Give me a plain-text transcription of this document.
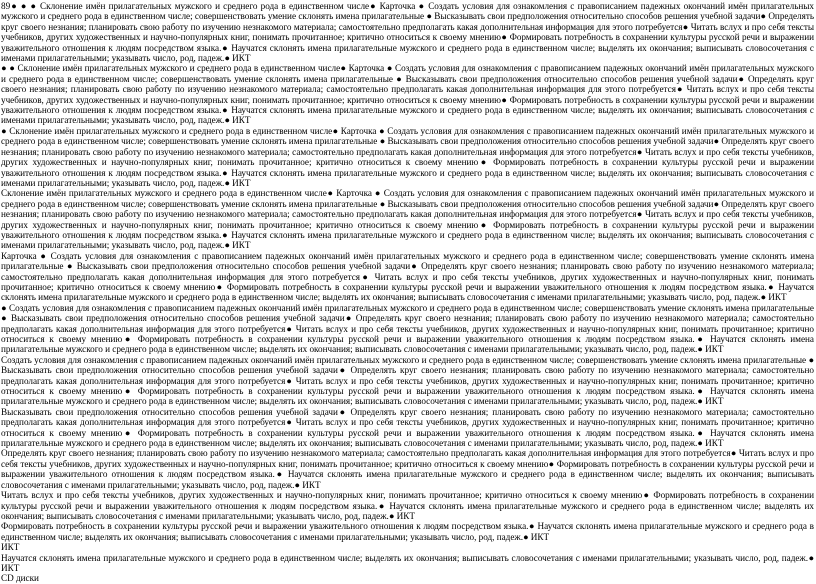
89● ● ● Склонение имён прилагательных мужского и среднего рода в единственном числе● Карточка ● Создать условия для ознакомления с правописанием падежных окончаний имён прилагательных мужского и среднего рода в единственном числе; совершенствовать умение склонять имена прилагательные ● Высказывать свои предположения относительно способов решения учебной задачи● Определять круг своего незнания; планировать свою работу по изучению незнакомого материала; самостоятельно предполагать какая дополнительная информация для этого потребуется● Читать вслух и про себя тексты учебников, других художественных и научно-популярных книг, понимать прочитанное; критично относиться к своему мнению● Формировать потребность в сохранении культуры русской речи и выражении уважительного отношения к людям посредством языка.● Научатся склонять имена прилагательные мужского и среднего рода в единственном числе; выделять их окончания; выписывать словосочетания с именами прилагательными; указывать число, род, падеж.● ИКТ

● ● Склонение имён прилагательных мужского и среднего рода в единственном числе● Карточка ● Создать условия для ознакомления с правописанием падежных окончаний имён прилагательных мужского и среднего рода в единственном числе; совершенствовать умение склонять имена прилагательные ● Высказывать свои предположения относительно способов решения учебной задачи● Определять круг своего незнания; планировать свою работу по изучению незнакомого материала; самостоятельно предполагать какая дополнительная информация для этого потребуется● Читать вслух и про себя тексты учебников, других художественных и научно-популярных книг, понимать прочитанное; критично относиться к своему мнению● Формировать потребность в сохранении культуры русской речи и выражении уважительного отношения к людям посредством языка.● Научатся склонять имена прилагательные мужского и среднего рода в единственном числе; выделять их окончания; выписывать словосочетания с именами прилагательными; указывать число, род, падеж.● ИКТ

● Склонение имён прилагательных мужского и среднего рода в единственном числе● Карточка ● Создать условия для ознакомления с правописанием падежных окончаний имён прилагательных мужского и среднего рода в единственном числе; совершенствовать умение склонять имена прилагательные ● Высказывать свои предположения относительно способов решения учебной задачи● Определять круг своего незнания; планировать свою работу по изучению незнакомого материала; самостоятельно предполагать какая дополнительная информация для этого потребуется● Читать вслух и про себя тексты учебников, других художественных и научно-популярных книг, понимать прочитанное; критично относиться к своему мнению● Формировать потребность в сохранении культуры русской речи и выражении уважительного отношения к людям посредством языка.● Научатся склонять имена прилагательные мужского и среднего рода в единственном числе; выделять их окончания; выписывать словосочетания с именами прилагательными; указывать число, род, падеж.● ИКТ

Склонение имён прилагательных мужского и среднего рода в единственном числе● Карточка ● Создать условия для ознакомления с правописанием падежных окончаний имён прилагательных мужского и среднего рода в единственном числе; совершенствовать умение склонять имена прилагательные ● Высказывать свои предположения относительно способов решения учебной задачи● Определять круг своего незнания; планировать свою работу по изучению незнакомого материала; самостоятельно предполагать какая дополнительная информация для этого потребуется● Читать вслух и про себя тексты учебников, других художественных и научно-популярных книг, понимать прочитанное; критично относиться к своему мнению● Формировать потребность в сохранении культуры русской речи и выражении уважительного отношения к людям посредством языка.● Научатся склонять имена прилагательные мужского и среднего рода в единственном числе; выделять их окончания; выписывать словосочетания с именами прилагательными; указывать число, род, падеж.● ИКТ

Карточка ● Создать условия для ознакомления с правописанием падежных окончаний имён прилагательных мужского и среднего рода в единственном числе; совершенствовать умение склонять имена прилагательные ● Высказывать свои предположения относительно способов решения учебной задачи● Определять круг своего незнания; планировать свою работу по изучению незнакомого материала; самостоятельно предполагать какая дополнительная информация для этого потребуется● Читать вслух и про себя тексты учебников, других художественных и научно-популярных книг, понимать прочитанное; критично относиться к своему мнению● Формировать потребность в сохранении культуры русской речи и выражении уважительного отношения к людям посредством языка.● Научатся склонять имена прилагательные мужского и среднего рода в единственном числе; выделять их окончания; выписывать словосочетания с именами прилагательными; указывать число, род, падеж.● ИКТ

● Создать условия для ознакомления с правописанием падежных окончаний имён прилагательных мужского и среднего рода в единственном числе; совершенствовать умение склонять имена прилагательные ● Высказывать свои предположения относительно способов решения учебной задачи● Определять круг своего незнания; планировать свою работу по изучению незнакомого материала; самостоятельно предполагать какая дополнительная информация для этого потребуется● Читать вслух и про себя тексты учебников, других художественных и научно-популярных книг, понимать прочитанное; критично относиться к своему мнению● Формировать потребность в сохранении культуры русской речи и выражении уважительного отношения к людям посредством языка.● Научатся склонять имена прилагательные мужского и среднего рода в единственном числе; выделять их окончания; выписывать словосочетания с именами прилагательными; указывать число, род, падеж.● ИКТ

Создать условия для ознакомления с правописанием падежных окончаний имён прилагательных мужского и среднего рода в единственном числе; совершенствовать умение склонять имена прилагательные ● Высказывать свои предположения относительно способов решения учебной задачи● Определять круг своего незнания; планировать свою работу по изучению незнакомого материала; самостоятельно предполагать какая дополнительная информация для этого потребуется● Читать вслух и про себя тексты учебников, других художественных и научно-популярных книг, понимать прочитанное; критично относиться к своему мнению● Формировать потребность в сохранении культуры русской речи и выражении уважительного отношения к людям посредством языка.● Научатся склонять имена прилагательные мужского и среднего рода в единственном числе; выделять их окончания; выписывать словосочетания с именами прилагательными; указывать число, род, падеж.● ИКТ

Высказывать свои предположения относительно способов решения учебной задачи● Определять круг своего незнания; планировать свою работу по изучению незнакомого материала; самостоятельно предполагать какая дополнительная информация для этого потребуется● Читать вслух и про себя тексты учебников, других художественных и научно-популярных книг, понимать прочитанное; критично относиться к своему мнению● Формировать потребность в сохранении культуры русской речи и выражении уважительного отношения к людям посредством языка.● Научатся склонять имена прилагательные мужского и среднего рода в единственном числе; выделять их окончания; выписывать словосочетания с именами прилагательными; указывать число, род, падеж.● ИКТ

Определять круг своего незнания; планировать свою работу по изучению незнакомого материала; самостоятельно предполагать какая дополнительная информация для этого потребуется● Читать вслух и про себя тексты учебников, других художественных и научно-популярных книг, понимать прочитанное; критично относиться к своему мнению● Формировать потребность в сохранении культуры русской речи и выражении уважительного отношения к людям посредством языка.● Научатся склонять имена прилагательные мужского и среднего рода в единственном числе; выделять их окончания; выписывать словосочетания с именами прилагательными; указывать число, род, падеж.● ИКТ

Читать вслух и про себя тексты учебников, других художественных и научно-популярных книг, понимать прочитанное; критично относиться к своему мнению● Формировать потребность в сохранении культуры русской речи и выражении уважительного отношения к людям посредством языка.● Научатся склонять имена прилагательные мужского и среднего рода в единственном числе; выделять их окончания; выписывать словосочетания с именами прилагательными; указывать число, род, падеж.● ИКТ

Формировать потребность в сохранении культуры русской речи и выражении уважительного отношения к людям посредством языка.● Научатся склонять имена прилагательные мужского и среднего рода в единственном числе; выделять их окончания; выписывать словосочетания с именами прилагательными; указывать число, род, падеж.● ИКТ

ИКТ

Научатся склонять имена прилагательные мужского и среднего рода в единственном числе; выделять их окончания; выписывать словосочетания с именами прилагательными; указывать число, род, падеж.● ИКТ

CD диски
